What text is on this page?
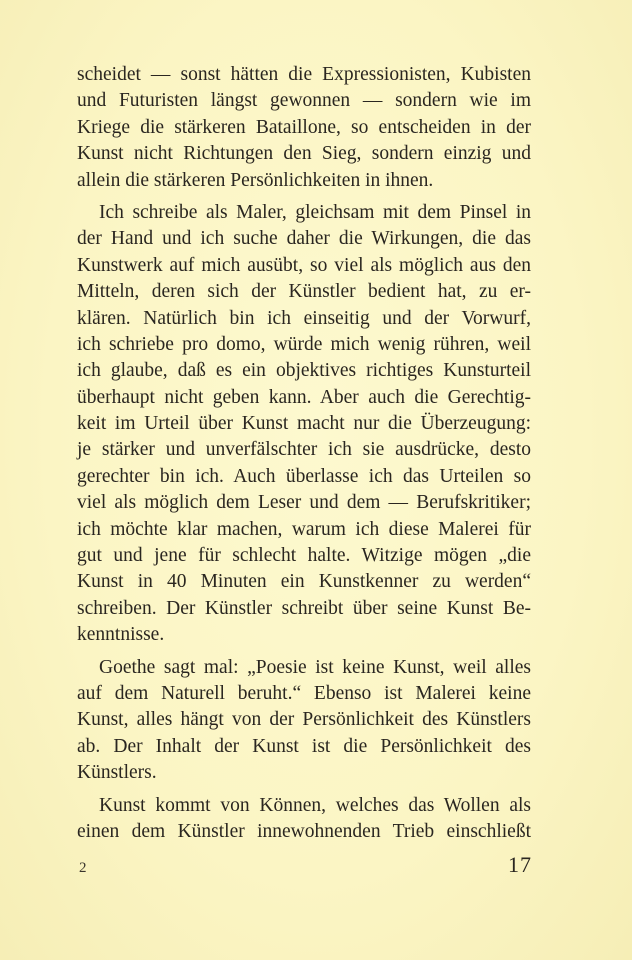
scheidet — sonst hätten die Expressionisten, Kubisten
und Futuristen längst gewonnen — sondern wie im
Kriege die stärkeren Bataillone, so entscheiden in der
Kunst nicht Richtungen den Sieg, sondern einzig und
allein die stärkeren Persönlichkeiten in ihnen.
Ich schreibe als Maler, gleichsam mit dem Pinsel in
der Hand und ich suche daher die Wirkungen, die das
Kunstwerk auf mich ausübt, so viel als möglich aus den
Mitteln, deren sich der Künstler bedient hat, zu er-
klären. Natürlich bin ich einseitig und der Vorwurf,
ich schriebe pro domo, würde mich wenig rühren, weil
ich glaube, daß es ein objektives richtiges Kunsturteil
überhaupt nicht geben kann. Aber auch die Gerechtig-
keit im Urteil über Kunst macht nur die Überzeugung:
je stärker und unverfälschter ich sie ausdrücke, desto
gerechter bin ich. Auch überlasse ich das Urteilen so
viel als möglich dem Leser und dem — Berufskritiker;
ich möchte klar machen, warum ich diese Malerei für
gut und jene für schlecht halte. Witzige mögen „die
Kunst in 40 Minuten ein Kunstkenner zu werden“
schreiben. Der Künstler schreibt über seine Kunst Be-
kenntnisse.
Goethe sagt mal: „Poesie ist keine Kunst, weil alles
auf dem Naturell beruht.“ Ebenso ist Malerei keine
Kunst, alles hängt von der Persönlichkeit des Künstlers
ab. Der Inhalt der Kunst ist die Persönlichkeit des
Künstlers.
Kunst kommt von Können, welches das Wollen als
einen dem Künstler innewohnenden Trieb einschließt
2	17
